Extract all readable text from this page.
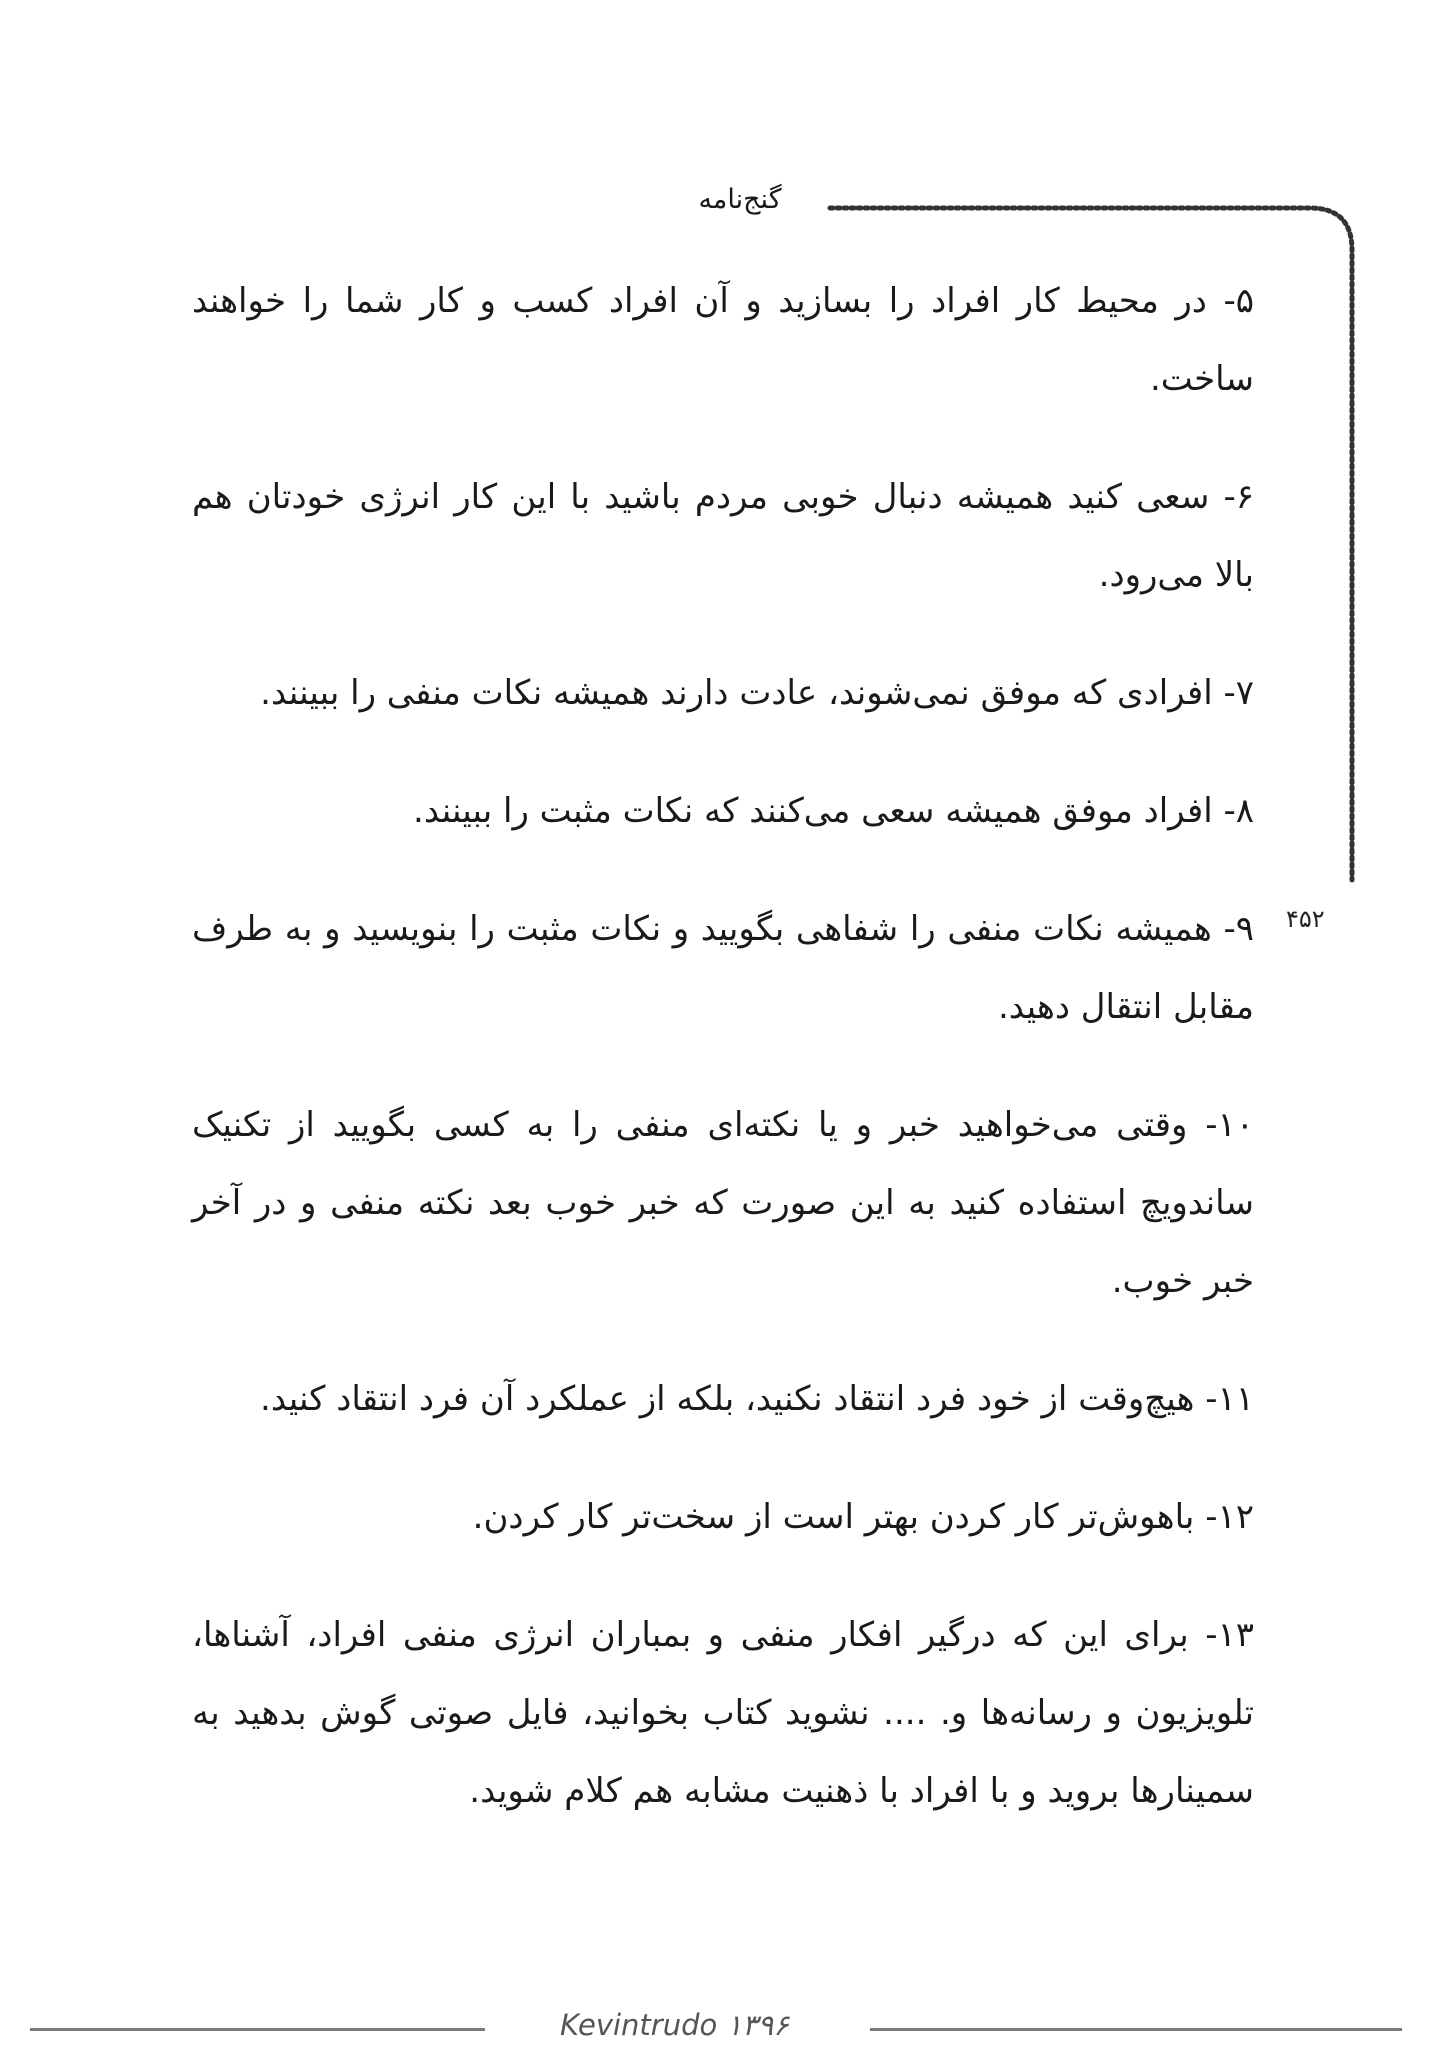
گنج‌نامه
۴۵۲

۵- در محیط کار افراد را بسازید و آن افراد کسب و کار شما را خواهند ساخت.

۶- سعی کنید همیشه دنبال خوبی مردم باشید با این کار انرژی خودتان هم بالا می‌رود.

۷- افرادی که موفق نمی‌شوند، عادت دارند همیشه نکات منفی را ببینند.

۸- افراد موفق همیشه سعی می‌کنند که نکات مثبت را ببینند.

۹- همیشه نکات منفی را شفاهی بگویید و نکات مثبت را بنویسید و به طرف مقابل انتقال دهید.

۱۰- وقتی می‌خواهید خبر و یا نکته‌ای منفی را به کسی بگویید از تکنیک ساندویچ استفاده کنید به این صورت که خبر خوب بعد نکته منفی و در آخر خبر خوب.

۱۱- هیچ‌وقت از خود فرد انتقاد نکنید، بلکه از عملکرد آن فرد انتقاد کنید.

۱۲- باهوش‌تر کار کردن بهتر است از سخت‌تر کار کردن.

۱۳- برای این که درگیر افکار منفی و بمباران انرژی منفی افراد، آشناها، تلویزیون و رسانه‌ها و. .... نشوید کتاب بخوانید، فایل صوتی گوش بدهید به سمینارها بروید و با افراد با ذهنیت مشابه هم کلام شوید.

Kevintrudo ۱۳۹۶
